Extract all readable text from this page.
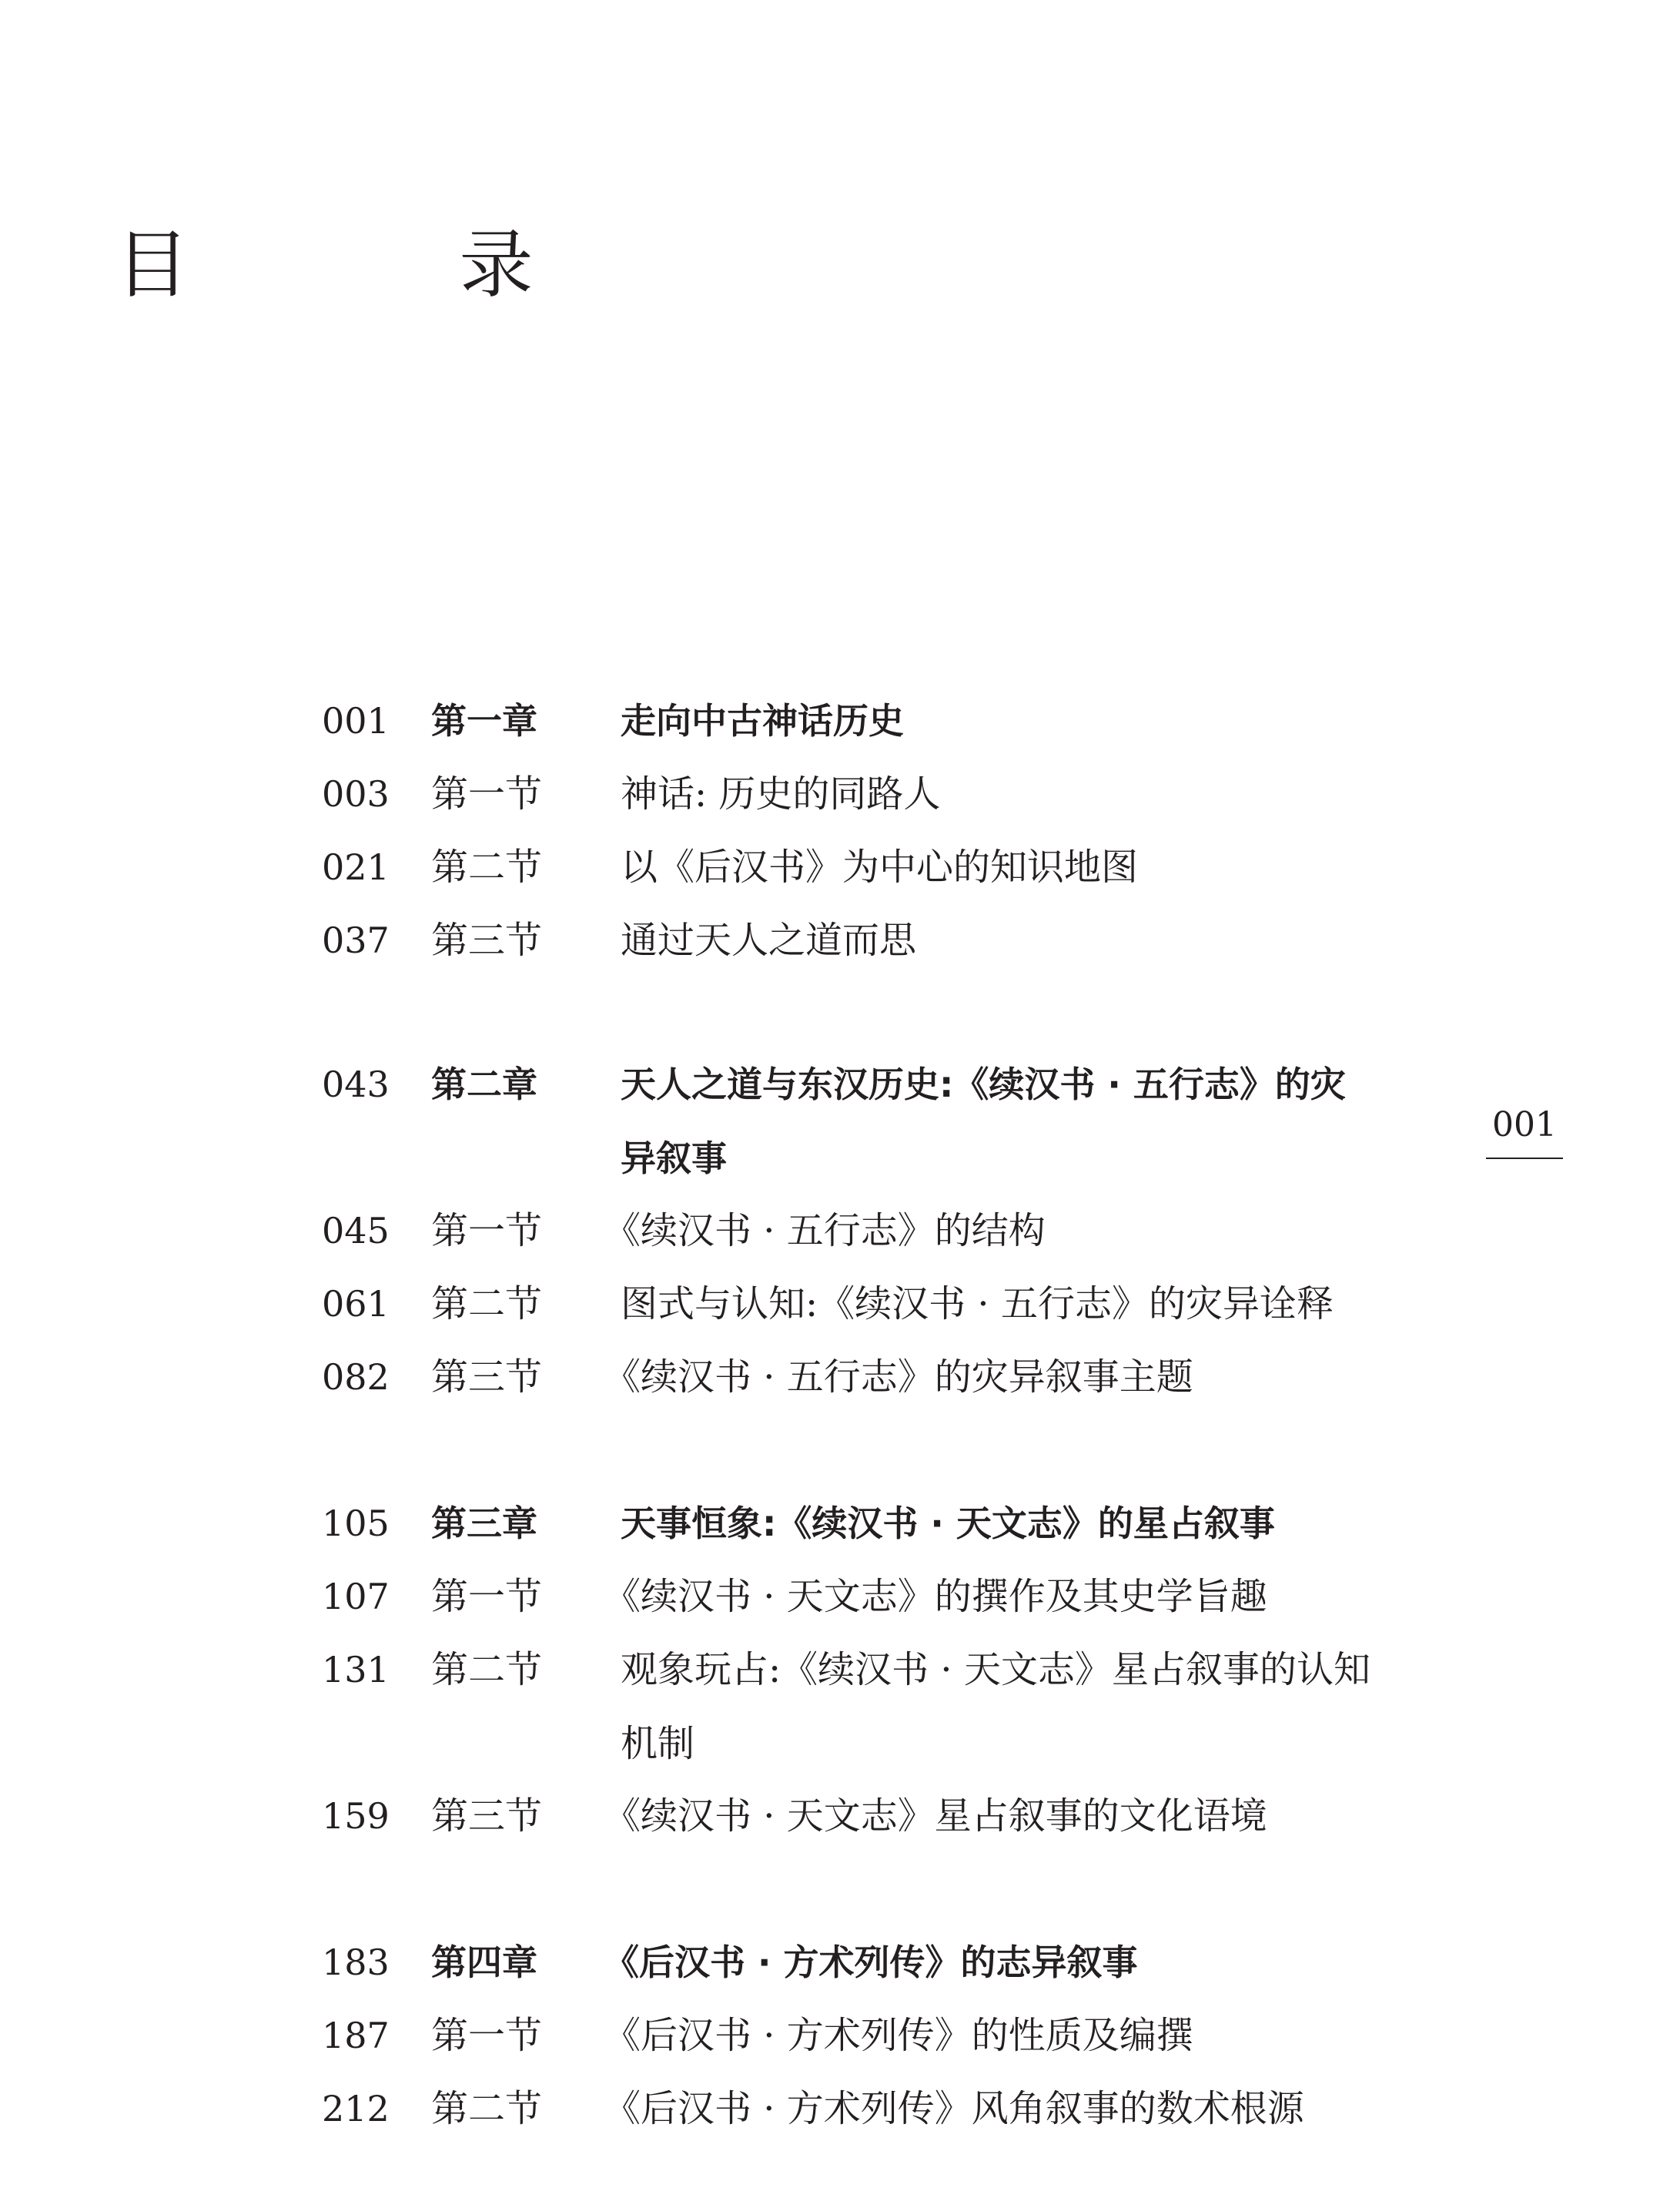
目 录
001
001 第一章 走向中古神话历史
003 第一节 神话: 历史的同路人
021 第二节 以《后汉书》为中心的知识地图
037 第三节 通过天人之道而思
043 第二章 天人之道与东汉历史:《续汉书 · 五行志》的灾异叙事
045 第一节 《续汉书 · 五行志》的结构
061 第二节 图式与认知:《续汉书 · 五行志》的灾异诠释
082 第三节 《续汉书 · 五行志》的灾异叙事主题
105 第三章 天事恒象:《续汉书 · 天文志》的星占叙事
107 第一节 《续汉书 · 天文志》的撰作及其史学旨趣
131 第二节 观象玩占:《续汉书 · 天文志》星占叙事的认知机制
159 第三节 《续汉书 · 天文志》星占叙事的文化语境
183 第四章 《后汉书 · 方术列传》的志异叙事
187 第一节 《后汉书 · 方术列传》的性质及编撰
212 第二节 《后汉书 · 方术列传》风角叙事的数术根源
